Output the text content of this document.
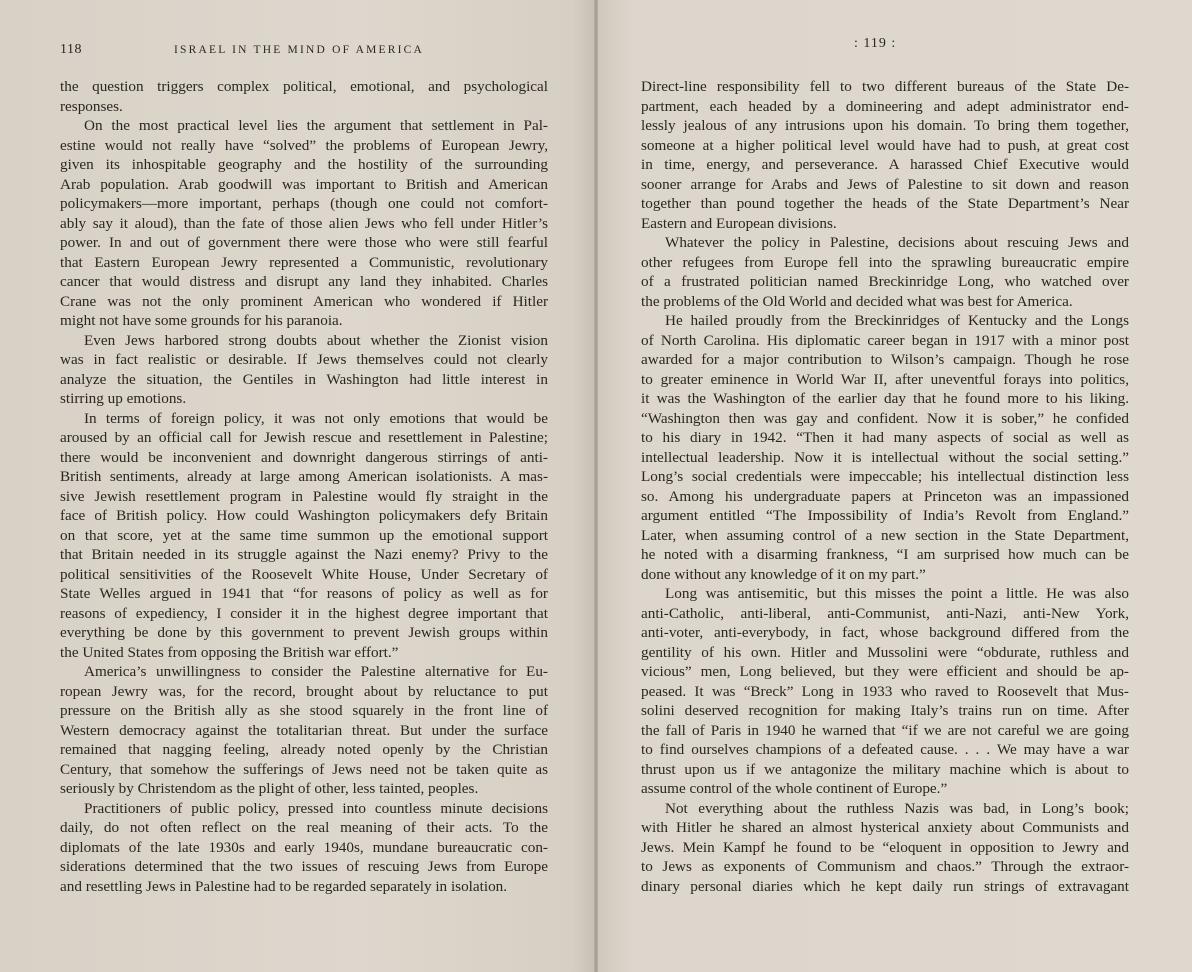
118	ISRAEL IN THE MIND OF AMERICA
the question triggers complex political, emotional, and psychological
responses.
On the most practical level lies the argument that settlement in Pal-
estine would not really have “solved” the problems of European Jewry,
given its inhospitable geography and the hostility of the surrounding
Arab population. Arab goodwill was important to British and American
policymakers—more important, perhaps (though one could not comfort-
ably say it aloud), than the fate of those alien Jews who fell under Hitler’s
power. In and out of government there were those who were still fearful
that Eastern European Jewry represented a Communistic, revolutionary
cancer that would distress and disrupt any land they inhabited. Charles
Crane was not the only prominent American who wondered if Hitler
might not have some grounds for his paranoia.
Even Jews harbored strong doubts about whether the Zionist vision
was in fact realistic or desirable. If Jews themselves could not clearly
analyze the situation, the Gentiles in Washington had little interest in
stirring up emotions.
In terms of foreign policy, it was not only emotions that would be
aroused by an official call for Jewish rescue and resettlement in Palestine;
there would be inconvenient and downright dangerous stirrings of anti-
British sentiments, already at large among American isolationists. A mas-
sive Jewish resettlement program in Palestine would fly straight in the
face of British policy. How could Washington policymakers defy Britain
on that score, yet at the same time summon up the emotional support
that Britain needed in its struggle against the Nazi enemy? Privy to the
political sensitivities of the Roosevelt White House, Under Secretary of
State Welles argued in 1941 that “for reasons of policy as well as for
reasons of expediency, I consider it in the highest degree important that
everything be done by this government to prevent Jewish groups within
the United States from opposing the British war effort.”
America’s unwillingness to consider the Palestine alternative for Eu-
ropean Jewry was, for the record, brought about by reluctance to put
pressure on the British ally as she stood squarely in the front line of
Western democracy against the totalitarian threat. But under the surface
remained that nagging feeling, already noted openly by the Christian
Century, that somehow the sufferings of Jews need not be taken quite as
seriously by Christendom as the plight of other, less tainted, peoples.
Practitioners of public policy, pressed into countless minute decisions
daily, do not often reflect on the real meaning of their acts. To the
diplomats of the late 1930s and early 1940s, mundane bureaucratic con-
siderations determined that the two issues of rescuing Jews from Europe
and resettling Jews in Palestine had to be regarded separately in isolation.
: 119 :
Direct-line responsibility fell to two different bureaus of the State De-
partment, each headed by a domineering and adept administrator end-
lessly jealous of any intrusions upon his domain. To bring them together,
someone at a higher political level would have had to push, at great cost
in time, energy, and perseverance. A harassed Chief Executive would
sooner arrange for Arabs and Jews of Palestine to sit down and reason
together than pound together the heads of the State Department’s Near
Eastern and European divisions.
Whatever the policy in Palestine, decisions about rescuing Jews and
other refugees from Europe fell into the sprawling bureaucratic empire
of a frustrated politician named Breckinridge Long, who watched over
the problems of the Old World and decided what was best for America.
He hailed proudly from the Breckinridges of Kentucky and the Longs
of North Carolina. His diplomatic career began in 1917 with a minor post
awarded for a major contribution to Wilson’s campaign. Though he rose
to greater eminence in World War II, after uneventful forays into politics,
it was the Washington of the earlier day that he found more to his liking.
“Washington then was gay and confident. Now it is sober,” he confided
to his diary in 1942. “Then it had many aspects of social as well as
intellectual leadership. Now it is intellectual without the social setting.”
Long’s social credentials were impeccable; his intellectual distinction less
so. Among his undergraduate papers at Princeton was an impassioned
argument entitled “The Impossibility of India’s Revolt from England.”
Later, when assuming control of a new section in the State Department,
he noted with a disarming frankness, “I am surprised how much can be
done without any knowledge of it on my part.”
Long was antisemitic, but this misses the point a little. He was also
anti-Catholic, anti-liberal, anti-Communist, anti-Nazi, anti-New York,
anti-voter, anti-everybody, in fact, whose background differed from the
gentility of his own. Hitler and Mussolini were “obdurate, ruthless and
vicious” men, Long believed, but they were efficient and should be ap-
peased. It was “Breck” Long in 1933 who raved to Roosevelt that Mus-
solini deserved recognition for making Italy’s trains run on time. After
the fall of Paris in 1940 he warned that “if we are not careful we are going
to find ourselves champions of a defeated cause. . . . We may have a war
thrust upon us if we antagonize the military machine which is about to
assume control of the whole continent of Europe.”
Not everything about the ruthless Nazis was bad, in Long’s book;
with Hitler he shared an almost hysterical anxiety about Communists and
Jews. Mein Kampf he found to be “eloquent in opposition to Jewry and
to Jews as exponents of Communism and chaos.” Through the extraor-
dinary personal diaries which he kept daily run strings of extravagant
